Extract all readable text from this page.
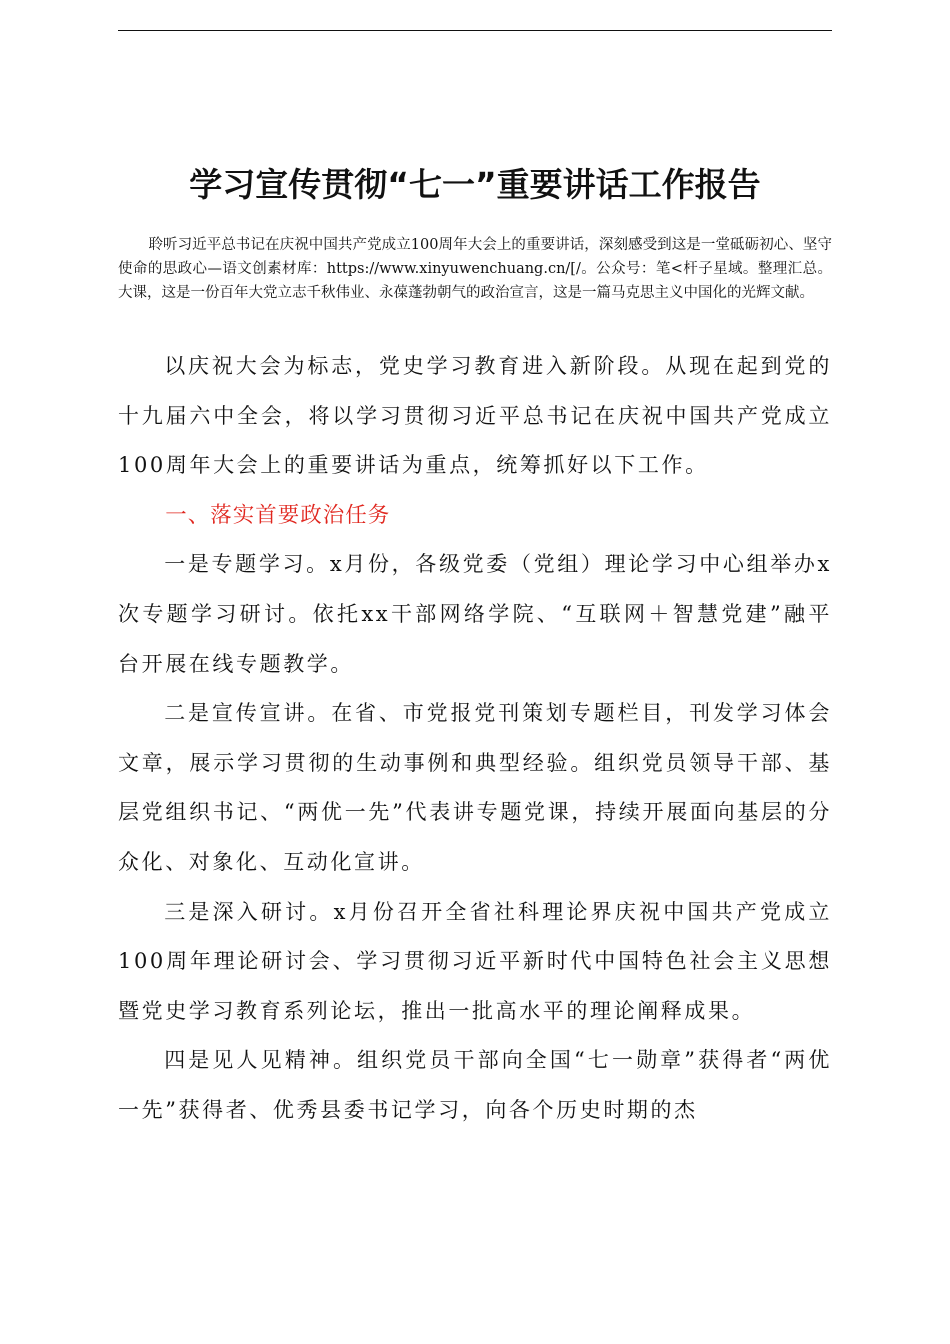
学习宣传贯彻“七一”重要讲话工作报告

聆听习近平总书记在庆祝中国共产党成立100周年大会上的重要讲话，深刻感受到这是一堂砥砺初心、坚守使命的思政心—语文创素材库：https://www.xinyuwenchuang.cn/[/。公众号：笔<杆子星域。整理汇总。大课，这是一份百年大党立志千秋伟业、永葆蓬勃朝气的政治宣言，这是一篇马克思主义中国化的光辉文献。

以庆祝大会为标志，党史学习教育进入新阶段。从现在起到党的十九届六中全会，将以学习贯彻习近平总书记在庆祝中国共产党成立100周年大会上的重要讲话为重点，统筹抓好以下工作。

一、落实首要政治任务

一是专题学习。x月份，各级党委（党组）理论学习中心组举办x次专题学习研讨。依托xx干部网络学院、“互联网＋智慧党建”融平台开展在线专题教学。

二是宣传宣讲。在省、市党报党刊策划专题栏目，刊发学习体会文章，展示学习贯彻的生动事例和典型经验。组织党员领导干部、基层党组织书记、“两优一先”代表讲专题党课，持续开展面向基层的分众化、对象化、互动化宣讲。

三是深入研讨。x月份召开全省社科理论界庆祝中国共产党成立100周年理论研讨会、学习贯彻习近平新时代中国特色社会主义思想暨党史学习教育系列论坛，推出一批高水平的理论阐释成果。

四是见人见精神。组织党员干部向全国“七一勋章”获得者“两优一先”获得者、优秀县委书记学习，向各个历史时期的杰
